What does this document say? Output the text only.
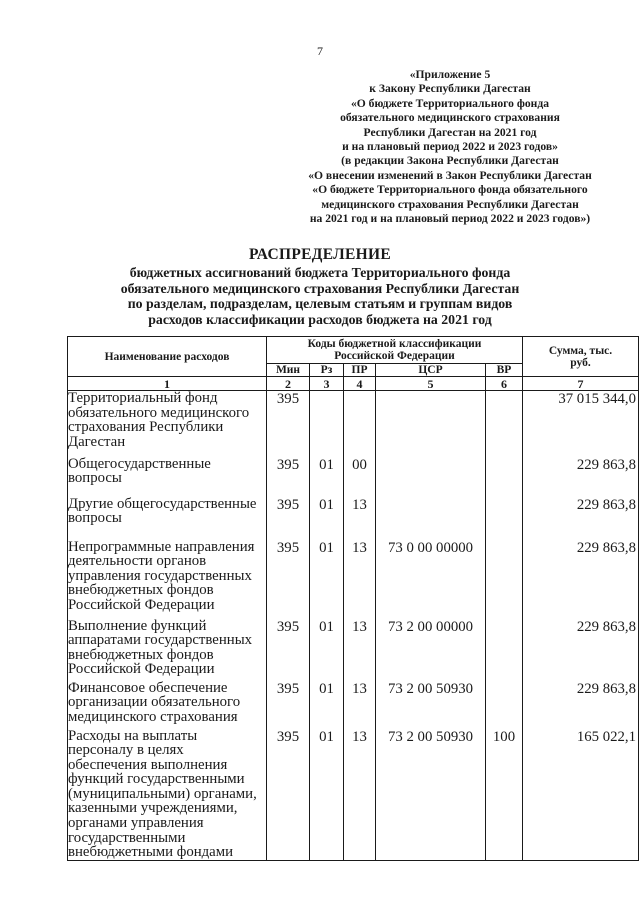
7
«Приложение 5
к Закону Республики Дагестан
«О бюджете Территориального фонда
обязательного медицинского страхования
Республики Дагестан на 2021 год
и на плановый период 2022 и 2023 годов»
(в редакции Закона Республики Дагестан
«О внесении изменений в Закон Республики Дагестан
«О бюджете Территориального фонда обязательного
медицинского страхования Республики Дагестан
на 2021 год и на плановый период 2022 и 2023 годов»)
РАСПРЕДЕЛЕНИЕ
бюджетных ассигнований бюджета Территориального фонда
обязательного медицинского страхования Республики Дагестан
по разделам, подразделам, целевым статьям и группам видов
расходов классификации расходов бюджета на 2021 год
Наименование расходов	Коды бюджетной классификации Российской Федерации					Сумма, тыс. руб.
	Мин	Рз	ПР	ЦСР	ВР	
1	2	3	4	5	6	7
Территориальный фонд обязательного медицинского страхования Республики Дагестан	395					37 015 344,0
Общегосударственные вопросы	395	01	00			229 863,8
Другие общегосударственные вопросы	395	01	13			229 863,8
Непрограммные направления деятельности органов управления государственных внебюджетных фондов Российской Федерации	395	01	13	73 0 00 00000		229 863,8
Выполнение функций аппаратами государственных внебюджетных фондов Российской Федерации	395	01	13	73 2 00 00000		229 863,8
Финансовое обеспечение организации обязательного медицинского страхования	395	01	13	73 2 00 50930		229 863,8
Расходы на выплаты персоналу в целях обеспечения выполнения функций государственными (муниципальными) органами, казенными учреждениями, органами управления государственными внебюджетными фондами	395	01	13	73 2 00 50930	100	165 022,1
